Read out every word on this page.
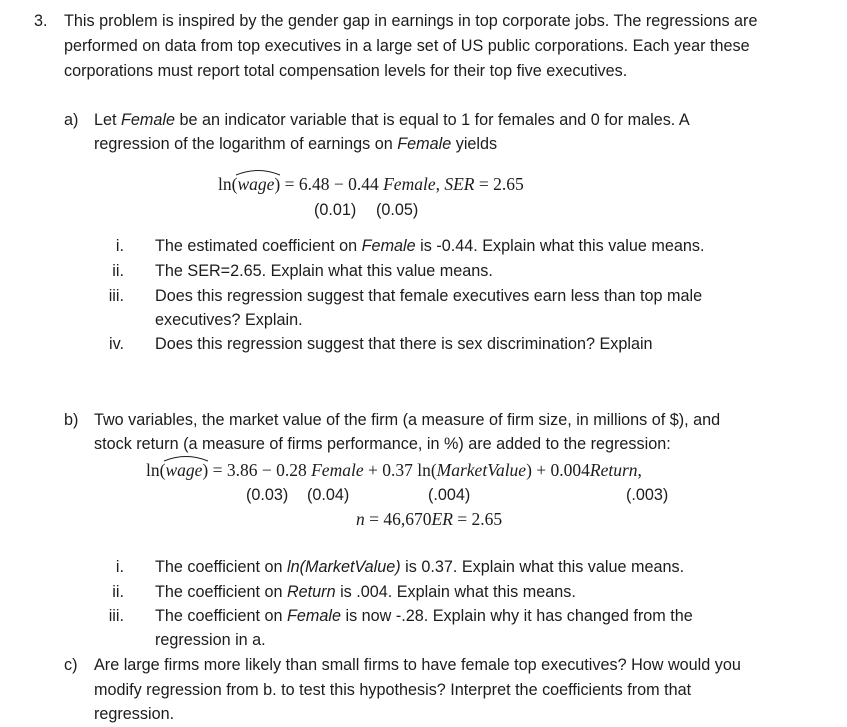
3. This problem is inspired by the gender gap in earnings in top corporate jobs. The regressions are
performed on data from top executives in a large set of US public corporations. Each year these
corporations must report total compensation levels for their top five executives.
a) Let Female be an indicator variable that is equal to 1 for females and 0 for males. A
regression of the logarithm of earnings on Female yields
ln(wage
) = 6.48 − 0.44 Female, SER = 2.65
(0.01) (0.05)
i. The estimated coefficient on Female is -0.44. Explain what this value means.
ii. The SER=2.65. Explain what this value means.
iii. Does this regression suggest that female executives earn less than top male
executives? Explain.
iv. Does this regression suggest that there is sex discrimination? Explain
b) Two variables, the market value of the firm (a measure of firm size, in millions of $), and
stock return (a measure of firms performance, in %) are added to the regression:
ln(wage
) = 3.86 − 0.28 Female + 0.37 ln(MarketValue) + 0.004Return,
(0.03) (0.04)	(.004)	(.003)
n = 46,670ER = 2.65
i. The coefficient on ln(MarketValue) is 0.37. Explain what this value means.
ii. The coefficient on Return is .004. Explain what this means.
iii. The coefficient on Female is now -.28. Explain why it has changed from the
regression in a.
c) Are large firms more likely than small firms to have female top executives? How would you
modify regression from b. to test this hypothesis? Interpret the coefficients from that
regression.
